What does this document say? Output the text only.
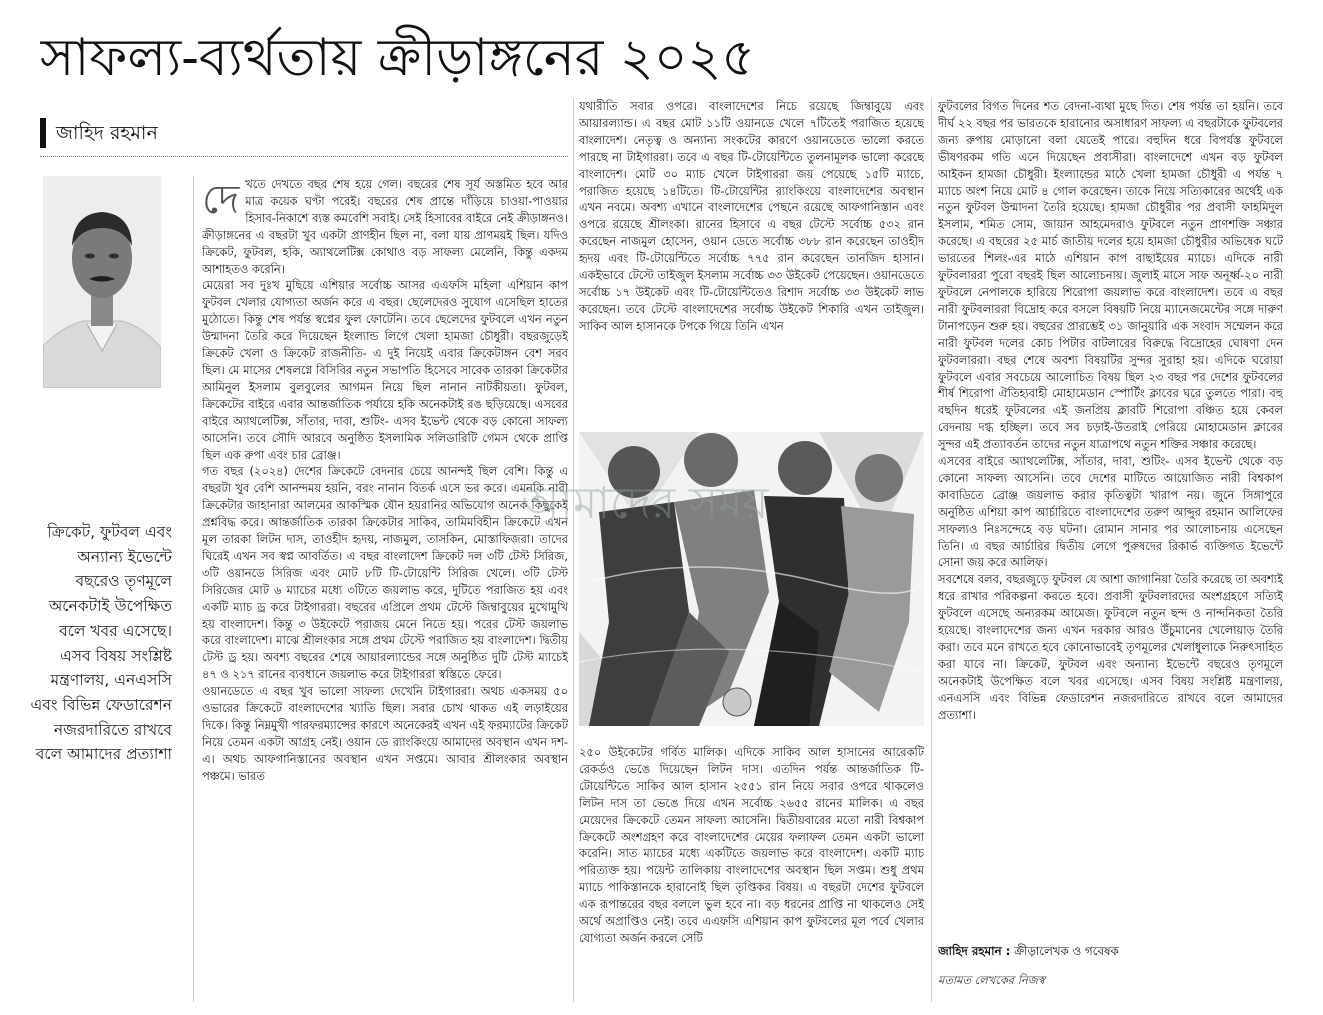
সাফল্য-ব্যর্থতায় ক্রীড়াঙ্গনের ২০২৫
জাহিদ রহমান
ক্রিকেট, ফুটবল এবং অন্যান্য ইভেন্টে বছরেও তৃণমূলে অনেকটাই উপেক্ষিত বলে খবর এসেছে। এসব বিষয় সংশ্লিষ্ট মন্ত্রণালয়, এনএসসি এবং বিভিন্ন ফেডারেশন নজরদারিতে রাখবে বলে আমাদের প্রত্যাশা

দেখতে দেখতে বছর শেষ হয়ে গেল। বছরের শেষ সূর্য অস্তমিত হবে আর মাত্র কয়েক ঘণ্টা পরেই। বছরের শেষ প্রান্তে দাঁড়িয়ে চাওয়া-পাওয়ার হিসাব-নিকাশে ব্যস্ত কমবেশি সবাই। সেই হিসাবের বাইরে নেই ক্রীড়াঙ্গনও। ক্রীড়াঙ্গনের এ বছরটা খুব একটা প্রাণহীন ছিল না, বলা যায় প্রাণময়ই ছিল। যদিও ক্রিকেট, ফুটবল, হকি, অ্যাথলেটিক্স কোথাও বড় সাফল্য মেলেনি, কিন্তু একদম আশাহতও করেনি।

মেয়েরা সব দুঃখ মুছিয়ে এশিয়ার সর্বোচ্চ আসর এএফসি মহিলা এশিয়ান কাপ ফুটবল খেলার যোগ্যতা অর্জন করে এ বছর। ছেলেদেরও সুযোগ এসেছিল হাতের মুঠোতে। কিন্তু শেষ পর্যন্ত স্বপ্নের ফুল ফোটেনি। তবে ছেলেদের ফুটবলে এখন নতুন উন্মাদনা তৈরি করে দিয়েছেন ইংল্যান্ড লিগে খেলা হামজা চৌধুরী। বছরজুড়েই ক্রিকেট খেলা ও ক্রিকেট রাজনীতি- এ দুই নিয়েই এবার ক্রিকেটাঙ্গন বেশ সরব ছিল। মে মাসের শেষলগ্নে বিসিবির নতুন সভাপতি হিসেবে সাবেক তারকা ক্রিকেটার আমিনুল ইসলাম বুলবুলের আগমন নিয়ে ছিল নানান নাটকীয়তা। ফুটবল, ক্রিকেটের বাইরে এবার আন্তর্জাতিক পর্যায়ে হকি অনেকটাই রঙ ছড়িয়েছে। এসবের বাইরে অ্যাথলেটিক্স, সাঁতার, দাবা, শুটিং- এসব ইভেন্ট থেকে বড় কোনো সাফল্য আসেনি। তবে সৌদি আরবে অনুষ্ঠিত ইসলামিক সলিডারিটি গেমস থেকে প্রাপ্তি ছিল এক রুপা এবং চার ব্রোঞ্জ।

গত বছর (২০২৪) দেশের ক্রিকেটে বেদনার চেয়ে আনন্দই ছিল বেশি। কিন্তু এ বছরটা খুব বেশি আনন্দময় হয়নি, বরং নানান বিতর্ক এসে ভর করে। এমনকি নারী ক্রিকেটার জাহানারা আলমের আকস্মিক যৌন হয়রানির অভিযোগ অনেক কিছুকেই প্রশ্নবিদ্ধ করে। আন্তর্জাতিক তারকা ক্রিকেটার সাকিব, তামিমবিহীন ক্রিকেটে এখন মূল তারকা লিটন দাস, তাওহীদ হৃদয়, নাজমুল, তাসকিন, মোস্তাফিজরা। তাদের ঘিরেই এখন সব স্বপ্ন আবর্তিত। এ বছর বাংলাদেশ ক্রিকেট দল ৩টি টেস্ট সিরিজ, ৩টি ওয়ানডে সিরিজ এবং মোট ৮টি টি-টোয়েন্টি সিরিজ খেলে। ৩টি টেস্ট সিরিজের মোট ৬ ম্যাচের মধ্যে ৩টিতে জয়লাভ করে, দুটিতে পরাজিত হয় এবং একটি ম্যাচ ড্র করে টাইগাররা। বছরের এপ্রিলে প্রথম টেস্টে জিম্বাবুয়ের মুখোমুখি হয় বাংলাদেশ। কিন্তু ৩ উইকেটে পরাজয় মেনে নিতে হয়। পরের টেস্ট জয়লাভ করে বাংলাদেশ। মাঝে শ্রীলংকার সঙ্গে প্রথম টেস্টে পরাজিত হয় বাংলাদেশ। দ্বিতীয় টেস্ট ড্র হয়। অবশ্য বছরের শেষে আয়ারল্যান্ডের সঙ্গে অনুষ্ঠিত দুটি টেস্ট ম্যাচেই ৪৭ ও ২১৭ রানের ব্যবধানে জয়লাভ করে টাইগাররা স্বস্তিতে ফেরে।

ওয়ানডেতে এ বছর খুব ভালো সাফল্য দেখেনি টাইগাররা। অথচ একসময় ৫০ ওভারের ক্রিকেটে বাংলাদেশের খ্যাতি ছিল। সবার চোখ থাকত এই লড়াইয়ের দিকে। কিন্তু নিম্নমুখী পারফরম্যান্সের কারণে অনেকেরই এখন এই ফরম্যাটের ক্রিকেট নিয়ে তেমন একটা আগ্রহ নেই। ওয়ান ডে র‍্যাংকিংয়ে আমাদের অবস্থান এখন দশ-এ। অথচ আফগানিস্তানের অবস্থান এখন সপ্তমে। আবার শ্রীলংকার অবস্থান পঞ্চমে। ভারত

যথারীতি সবার ওপরে। বাংলাদেশের নিচে রয়েছে জিম্বাবুয়ে এবং আয়ারল্যান্ড। এ বছর মোট ১১টি ওয়ানডে খেলে ৭টিতেই পরাজিত হয়েছে বাংলাদেশ। নেতৃত্ব ও অন্যান্য সংকটের কারণে ওয়ানডেতে ভালো করতে পারছে না টাইগাররা। তবে এ বছর টি-টোয়েন্টিতে তুলনামূলক ভালো করেছে বাংলাদেশ। মোট ৩০ ম্যাচ খেলে টাইগাররা জয় পেয়েছে ১৫টি ম্যাচে, পরাজিত হয়েছে ১৪টিতে। টি-টোয়েন্টির র‍্যাংকিংয়ে বাংলাদেশের অবস্থান এখন নবমে। অবশ্য এখানে বাংলাদেশের পেছনে রয়েছে আফগানিস্তান এবং ওপরে রয়েছে শ্রীলংকা। রানের হিসাবে এ বছর টেস্টে সর্বোচ্চ ৫৩২ রান করেছেন নাজমুল হোসেন, ওয়ান ডেতে সর্বোচ্চ ৩৮৮ রান করেছেন তাওহীদ হৃদয় এবং টি-টোয়েন্টিতে সর্বোচ্চ ৭৭৫ রান করেছেন তানজিদ হাসান। একইভাবে টেস্টে তাইজুল ইসলাম সর্বোচ্চ ৩৩ উইকেট পেয়েছেন। ওয়ানডেতে সর্বোচ্চ ১৭ উইকেট এবং টি-টোয়েন্টিতেও রিশাদ সর্বোচ্চ ৩৩ উইকেট লাভ করেছেন। তবে টেস্টে বাংলাদেশের সর্বোচ্চ উইকেট শিকারি এখন তাইজুল। সাকিব আল হাসানকে টপকে গিয়ে তিনি এখন

আমাদের সময়

২৫০ উইকেটের গর্বিত মালিক। এদিকে সাকিব আল হাসানের আরেকটি রেকর্ডও ভেঙে দিয়েছেন লিটন দাস। এতদিন পর্যন্ত আন্তর্জাতিক টি-টোয়েন্টিতে সাকিব আল হাসান ২৫৫১ রান নিয়ে সবার ওপরে থাকলেও লিটন দাস তা ভেঙে দিয়ে এখন সর্বোচ্চ ২৬৫৫ রানের মালিক। এ বছর মেয়েদের ক্রিকেটে তেমন সাফল্য আসেনি। দ্বিতীয়বারের মতো নারী বিশ্বকাপ ক্রিকেটে অংশগ্রহণ করে বাংলাদেশের মেয়ের ফলাফল তেমন একটা ভালো করেনি। সাত ম্যাচের মধ্যে একটিতে জয়লাভ করে বাংলাদেশ। একটি ম্যাচ পরিত্যক্ত হয়। পয়েন্ট তালিকায় বাংলাদেশের অবস্থান ছিল সপ্তম। শুধু প্রথম ম্যাচে পাকিস্তানকে হারানোই ছিল তৃপ্তিকর বিষয়। এ বছরটা দেশের ফুটবলে এক রূপান্তরের বছর বললে ভুল হবে না। বড় ধরনের প্রাপ্তি না থাকলেও সেই অর্থে অপ্রাপ্তিও নেই। তবে এএফসি এশিয়ান কাপ ফুটবলের মূল পর্বে খেলার যোগ্যতা অর্জন করলে সেটি

ফুটবলের বিগত দিনের শত বেদনা-ব্যথা মুছে দিত। শেষ পর্যন্ত তা হয়নি। তবে দীর্ঘ ২২ বছর পর ভারতকে হারানোর অসাধারণ সাফল্য এ বছরটাকে ফুটবলের জন্য রুপায় মোড়ানো বলা যেতেই পারে। বহুদিন ধরে বিপর্যস্ত ফুটবলে ভীষণরকম গতি এনে দিয়েছেন প্রবাসীরা। বাংলাদেশে এখন বড় ফুটবল আইকন হামজা চৌধুরী। ইংল্যান্ডের মাঠে খেলা হামজা চৌধুরী এ পর্যন্ত ৭ ম্যাচে অংশ নিয়ে মোট ৪ গোল করেছেন। তাকে নিয়ে সত্যিকারের অর্থেই এক নতুন ফুটবল উন্মাদনা তৈরি হয়েছে। হামজা চৌধুরীর পর প্রবাসী ফাহমিদুল ইসলাম, শমিত সোম, জায়ান আহমেদরাও ফুটবলে নতুন প্রাণশক্তি সঞ্চার করেছে। এ বছরের ২৫ মার্চ জাতীয় দলের হয়ে হামজা চৌধুরীর অভিষেক ঘটে ভারতের শিলং-এর মাঠে এশিয়ান কাপ বাছাইয়ের ম্যাচে। এদিকে নারী ফুটবলাররা পুরো বছরই ছিল আলোচনায়। জুলাই মাসে সাফ অনূর্ধ্ব-২০ নারী ফুটবলে নেপালকে হারিয়ে শিরোপা জয়লাভ করে বাংলাদেশ। তবে এ বছর নারী ফুটবলাররা বিদ্রোহ করে বসলে বিষয়টি নিয়ে ম্যানেজমেন্টের সঙ্গে দারুণ টানাপড়েন শুরু হয়। বছরের প্রারম্ভেই ৩১ জানুয়ারি এক সংবাদ সম্মেলন করে নারী ফুটবল দলের কোচ পিটার বাটলারের বিরুদ্ধে বিদ্রোহের ঘোষণা দেন ফুটবলাররা। বছর শেষে অবশ্য বিষয়টির সুন্দর সুরাহা হয়। এদিকে ঘরোয়া ফুটবলে এবার সবচেয়ে আলোচিত বিষয় ছিল ২৩ বছর পর দেশের ফুটবলের শীর্ষ শিরোপা ঐতিহ্যবাহী মোহামেডান স্পোর্টিং ক্লাবের ঘরে তুলতে পারা। বহু বছদিন ধরেই ফুটবলের এই জনপ্রিয় ক্লাবটি শিরোপা বঞ্চিত হয়ে কেবল বেদনায় দগ্ধ হচ্ছিল। তবে সব চড়াই-উতরাই পেরিয়ে মোহামেডান ক্লাবের সুন্দর এই প্রত্যাবর্তন তাদের নতুন যাত্রাপথে নতুন শক্তির সঞ্চার করেছে।

এসবের বাইরে অ্যাথলেটিক্স, সাঁতার, দাবা, শুটিং- এসব ইভেন্ট থেকে বড় কোনো সাফল্য আসেনি। তবে দেশের মাটিতে আয়োজিত নারী বিশ্বকাপ কাবাডিতে ব্রোঞ্জ জয়লাভ করার কৃতিত্বটা খারাপ নয়। জুনে সিঙ্গাপুরে অনুষ্ঠিত এশিয়া কাপ আর্চারিতে বাংলাদেশের তরুণ আব্দুর রহমান আলিফের সাফল্যও নিঃসন্দেহে বড় ঘটনা। রোমান সানার পর আলোচনায় এসেছেন তিনি। এ বছর আর্চারির দ্বিতীয় লেগে পুরুষদের রিকার্ভ ব্যক্তিগত ইভেন্টে সোনা জয় করে আলিফ।

সবশেষে বলব, বছরজুড়ে ফুটবল যে আশা জাগানিয়া তৈরি করেছে তা অবশ্যই ধরে রাখার পরিকল্পনা করতে হবে। প্রবাসী ফুটবলারদের অংশগ্রহণে সত্যিই ফুটবলে এসেছে অন্যরকম আমেজ। ফুটবলে নতুন ছন্দ ও নান্দনিকতা তৈরি হয়েছে। বাংলাদেশের জন্য এখন দরকার আরও উঁচুমানের খেলোয়াড় তৈরি করা। তবে মনে রাখতে হবে কোনোভাবেই তৃণমূলের খেলাধুলাকে নিরুৎসাহিত করা যাবে না। ক্রিকেট, ফুটবল এবং অন্যান্য ইভেন্টে বছরেও তৃণমূলে অনেকটাই উপেক্ষিত বলে খবর এসেছে। এসব বিষয় সংশ্লিষ্ট মন্ত্রণালয়, এনএসসি এবং বিভিন্ন ফেডারেশন নজরদারিতে রাখবে বলে আমাদের প্রত্যাশা।

জাহিদ রহমান : ক্রীড়ালেখক ও গবেষক
মতামত লেখকের নিজস্ব
